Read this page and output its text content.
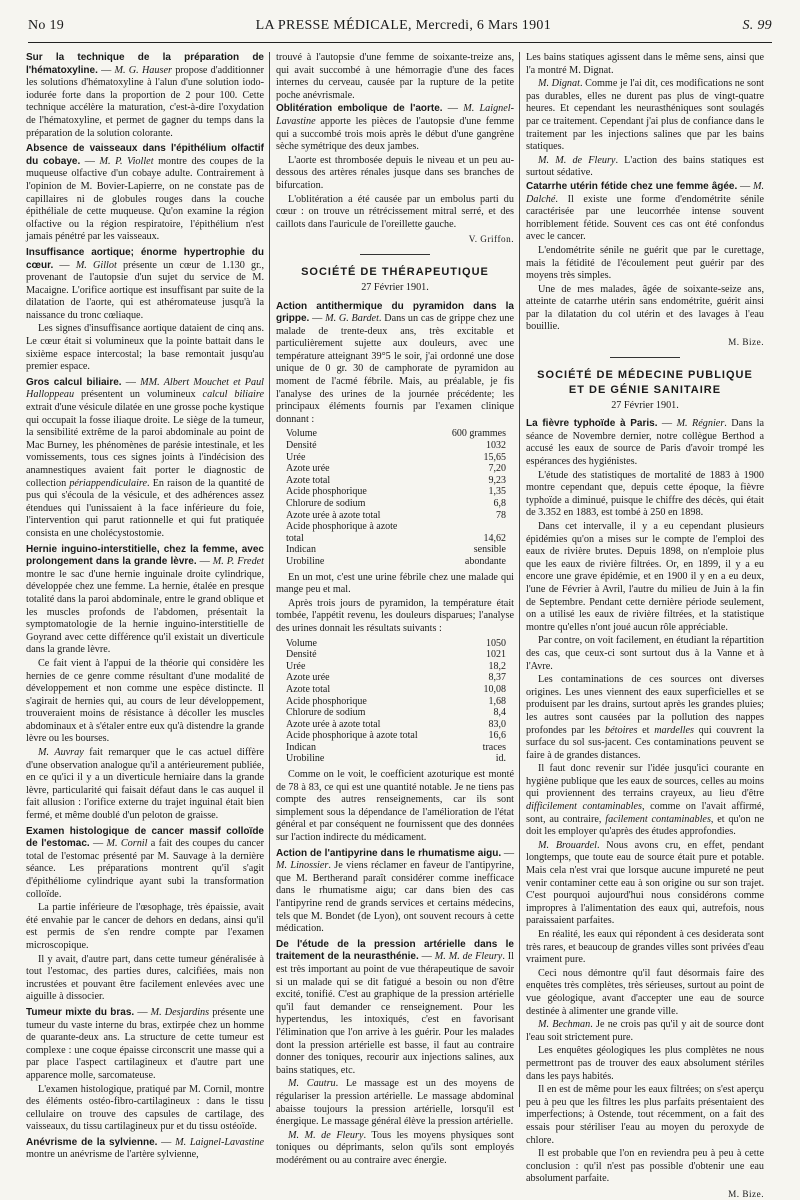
No 19	LA PRESSE MÉDICALE, Mercredi, 6 Mars 1901	S. 99

Sur la technique de la préparation de l'hématoxyline. — M. G. Hauser propose d'additionner les solutions d'hématoxyline à l'alun d'une solution iodo-iodurée forte dans la proportion de 2 pour 100. Cette technique accélère la maturation, c'est-à-dire l'oxydation de l'hématoxyline, et permet de gagner du temps dans la préparation de la solution colorante.

Absence de vaisseaux dans l'épithélium olfactif du cobaye. — M. P. Viollet montre des coupes de la muqueuse olfactive d'un cobaye adulte. Contrairement à l'opinion de M. Bovier-Lapierre, on ne constate pas de capillaires ni de globules rouges dans la couche épithéliale de cette muqueuse. Qu'on examine la région olfactive ou la région respiratoire, l'épithélium n'est jamais pénétré par les vaisseaux.

Insuffisance aortique; énorme hypertrophie du cœur. — M. Gillot présente un cœur de 1.130 gr., provenant de l'autopsie d'un sujet du service de M. Macaigne. L'orifice aortique est insuffisant par suite de la dilatation de l'aorte, qui est athéromateuse jusqu'à la naissance du tronc cœliaque.

Les signes d'insuffisance aortique dataient de cinq ans. Le cœur était si volumineux que la pointe battait dans le sixième espace intercostal; la base remontait jusqu'au premier espace.

Gros calcul biliaire. — MM. Albert Mouchet et Paul Halloppeau présentent un volumineux calcul biliaire extrait d'une vésicule dilatée en une grosse poche kystique qui occupait la fosse iliaque droite. Le siège de la tumeur, la sensibilité extrême de la paroi abdominale au point de Mac Burney, les phénomènes de parésie intestinale, et les vomissements, tous ces signes joints à l'indécision des anamnestiques avaient fait porter le diagnostic de collection périappendiculaire. En raison de la quantité de pus qui s'écoula de la vésicule, et des adhérences assez étendues qui l'unissaient à la face inférieure du foie, l'intervention qui parut rationnelle et qui fut pratiquée consista en une cholécystostomie.

Hernie inguino-interstitielle, chez la femme, avec prolongement dans la grande lèvre. — M. P. Fredet montre le sac d'une hernie inguinale droite cylindrique, développée chez une femme. La hernie, étalée en presque totalité dans la paroi abdominale, entre le grand oblique et les muscles profonds de l'abdomen, présentait la symptomatologie de la hernie inguino-interstitielle de Goyrand avec cette différence qu'il existait un diverticule dans la grande lèvre.

Ce fait vient à l'appui de la théorie qui considère les hernies de ce genre comme résultant d'une modalité de développement et non comme une espèce distincte. Il s'agirait de hernies qui, au cours de leur développement, trouveraient moins de résistance à décoller les muscles abdominaux et à s'étaler entre eux qu'à distendre la grande lèvre ou les bourses.

M. Auvray fait remarquer que le cas actuel diffère d'une observation analogue qu'il a antérieurement publiée, en ce qu'ici il y a un diverticule herniaire dans la grande lèvre, particularité qui faisait défaut dans le cas auquel il fait allusion : l'orifice externe du trajet inguinal était bien fermé, et même doublé d'un peloton de graisse.

Examen histologique de cancer massif colloïde de l'estomac. — M. Cornil a fait des coupes du cancer total de l'estomac présenté par M. Sauvage à la dernière séance. Les préparations montrent qu'il s'agit d'épithéliome cylindrique ayant subi la transformation colloïde.

La partie inférieure de l'œsophage, très épaissie, avait été envahie par le cancer de dehors en dedans, ainsi qu'il est permis de s'en rendre compte par l'examen microscopique.

Il y avait, d'autre part, dans cette tumeur généralisée à tout l'estomac, des parties dures, calcifiées, mais non incrustées et pouvant être facilement enlevées avec une aiguille à dissocier.

Tumeur mixte du bras. — M. Desjardins présente une tumeur du vaste interne du bras, extirpée chez un homme de quarante-deux ans. La structure de cette tumeur est complexe : une coque épaisse circonscrit une masse qui a par place l'aspect cartilagineux et d'autre part une apparence molle, sarcomateuse.

L'examen histologique, pratiqué par M. Cornil, montre des éléments ostéo-fibro-cartilagineux : dans le tissu cellulaire on trouve des capsules de cartilage, des vaisseaux, du tissu cartilagineux pur et du tissu ostéoïde.

Anévrisme de la sylvienne. — M. Laignel-Lavastine montre un anévrisme de l'artère sylvienne,

trouvé à l'autopsie d'une femme de soixante-treize ans, qui avait succombé à une hémorragie d'une des faces internes du cerveau, causée par la rupture de la petite poche anévrismale.

Oblitération embolique de l'aorte. — M. Laignel-Lavastine apporte les pièces de l'autopsie d'une femme qui a succombé trois mois après le début d'une gangrène sèche symétrique des deux jambes.

L'aorte est thrombosée depuis le niveau et un peu au-dessous des artères rénales jusque dans ses branches de bifurcation.

L'oblitération a été causée par un embolus parti du cœur : on trouve un rétrécissement mitral serré, et des caillots dans l'auricule de l'oreillette gauche.

V. Griffon.
SOCIÉTÉ DE THÉRAPEUTIQUE

27 Février 1901.

Action antithermique du pyramidon dans la grippe. — M. G. Bardet. Dans un cas de grippe chez une malade de trente-deux ans, très excitable et particulièrement sujette aux douleurs, avec une température atteignant 39°5 le soir, j'ai ordonné une dose unique de 0 gr. 30 de camphorate de pyramidon au moment de l'acmé fébrile. Mais, au préalable, je fis l'analyse des urines de la journée précédente; les principaux éléments fournis par l'examen clinique donnant :

Volume	600 grammes
Densité	1032
Urée	15,65
Azote urée	7,20
Azote total	9,23
Acide phosphorique	1,35
Chlorure de sodium	6,8
Azote urée à azote total	78
Acide phosphorique à azote	
total	14,62
Indican	sensible
Urobiline	abondante

En un mot, c'est une urine fébrile chez une malade qui mange peu et mal.

Après trois jours de pyramidon, la température était tombée, l'appétit revenu, les douleurs disparues; l'analyse des urines donnait les résultats suivants :

Volume	1050
Densité	1021
Urée	18,2
Azote urée	8,37
Azote total	10,08
Acide phosphorique	1,68
Chlorure de sodium	8,4
Azote urée à azote total	83,0
Acide phosphorique à azote total	16,6
Indican	traces
Urobiline	id.

Comme on le voit, le coefficient azoturique est monté de 78 à 83, ce qui est une quantité notable. Je ne tiens pas compte des autres renseignements, car ils sont simplement sous la dépendance de l'amélioration de l'état général et par conséquent ne fournissent que des données sur l'action indirecte du médicament.

Action de l'antipyrine dans le rhumatisme aigu. — M. Linossier. Je viens réclamer en faveur de l'antipyrine, que M. Bertherand paraît considérer comme inefficace dans le rhumatisme aigu; car dans bien des cas l'antipyrine rend de grands services et certains médecins, tels que M. Bondet (de Lyon), ont souvent recours à cette médication.

De l'étude de la pression artérielle dans le traitement de la neurasthénie. — M. M. de Fleury. Il est très important au point de vue thérapeutique de savoir si un malade qui se dit fatigué a besoin ou non d'être excité, tonifié. C'est au graphique de la pression artérielle qu'il faut demander ce renseignement. Pour les hypertendus, les intoxiqués, c'est en favorisant l'élimination que l'on arrive à les guérir. Pour les malades dont la pression artérielle est basse, il faut au contraire donner des toniques, recourir aux injections salines, aux bains statiques, etc.

M. Cautru. Le massage est un des moyens de régulariser la pression artérielle. Le massage abdominal abaisse toujours la pression artérielle, lorsqu'il est énergique. Le massage général élève la pression artérielle.

M. M. de Fleury. Tous les moyens physiques sont toniques ou déprimants, selon qu'ils sont employés modérément ou au contraire avec énergie.

Les bains statiques agissent dans le même sens, ainsi que l'a montré M. Dignat.

M. Dignat. Comme je l'ai dit, ces modifications ne sont pas durables, elles ne durent pas plus de vingt-quatre heures. Et cependant les neurasthéniques sont soulagés par ce traitement. Cependant j'ai plus de confiance dans le traitement par les injections salines que par les bains statiques.

M. M. de Fleury. L'action des bains statiques est surtout sédative.

Catarrhe utérin fétide chez une femme âgée. — M. Dalché. Il existe une forme d'endométrite sénile caractérisée par une leucorrhée intense souvent horriblement fétide. Souvent ces cas ont été confondus avec le cancer.

L'endométrite sénile ne guérit que par le curettage, mais la fétidité de l'écoulement peut guérir par des moyens très simples.

Une de mes malades, âgée de soixante-seize ans, atteinte de catarrhe utérin sans endométrite, guérit ainsi par la dilatation du col utérin et des lavages à l'eau bouillie.

M. Bize.
SOCIÉTÉ DE MÉDECINE PUBLIQUE
ET DE GÉNIE SANITAIRE

27 Février 1901.

La fièvre typhoïde à Paris. — M. Régnier. Dans la séance de Novembre dernier, notre collègue Berthod a accusé les eaux de source de Paris d'avoir trompé les espérances des hygiénistes.

L'étude des statistiques de mortalité de 1883 à 1900 montre cependant que, depuis cette époque, la fièvre typhoïde a diminué, puisque le chiffre des décès, qui était de 3.352 en 1883, est tombé à 250 en 1898.

Dans cet intervalle, il y a eu cependant plusieurs épidémies qu'on a mises sur le compte de l'emploi des eaux de rivière brutes. Depuis 1898, on n'emploie plus que les eaux de rivière filtrées. Or, en 1899, il y a eu encore une grave épidémie, et en 1900 il y en a eu deux, l'une de Février à Avril, l'autre du milieu de Juin à la fin de Septembre. Pendant cette dernière période seulement, on a utilisé les eaux de rivière filtrées, et la statistique montre qu'elles n'ont joué aucun rôle appréciable.

Par contre, on voit facilement, en étudiant la répartition des cas, que ceux-ci sont surtout dus à la Vanne et à l'Avre.

Les contaminations de ces sources ont diverses origines. Les unes viennent des eaux superficielles et se produisent par les drains, surtout après les grandes pluies; les autres sont causées par la pollution des nappes profondes par les bétoires et mardelles qui couvrent la surface du sol sus-jacent. Ces contaminations peuvent se faire à de grandes distances.

Il faut donc revenir sur l'idée jusqu'ici courante en hygiène publique que les eaux de sources, celles au moins qui proviennent des terrains crayeux, au lieu d'être difficilement contaminables, comme on l'avait affirmé, sont, au contraire, facilement contaminables, et qu'on ne doit les employer qu'après des études approfondies.

M. Brouardel. Nous avons cru, en effet, pendant longtemps, que toute eau de source était pure et potable. Mais cela n'est vrai que lorsque aucune impureté ne peut venir contaminer cette eau à son origine ou sur son trajet. C'est pourquoi aujourd'hui nous considérons comme impropres à l'alimentation des eaux qui, autrefois, nous paraissaient parfaites.

En réalité, les eaux qui répondent à ces desiderata sont très rares, et beaucoup de grandes villes sont privées d'eau vraiment pure.

Ceci nous démontre qu'il faut désormais faire des enquêtes très complètes, très sérieuses, surtout au point de vue géologique, avant d'accepter une eau de source destinée à alimenter une grande ville.

M. Bechman. Je ne crois pas qu'il y ait de source dont l'eau soit strictement pure.

Les enquêtes géologiques les plus complètes ne nous permettront pas de trouver des eaux absolument stériles dans les pays habités.

Il en est de même pour les eaux filtrées; on s'est aperçu peu à peu que les filtres les plus parfaits présentaient des imperfections; à Ostende, tout récemment, on a fait des essais pour stériliser l'eau au moyen du peroxyde de chlore.

Il est probable que l'on en reviendra peu à peu à cette conclusion : qu'il n'est pas possible d'obtenir une eau absolument parfaite.

M. Bize.
